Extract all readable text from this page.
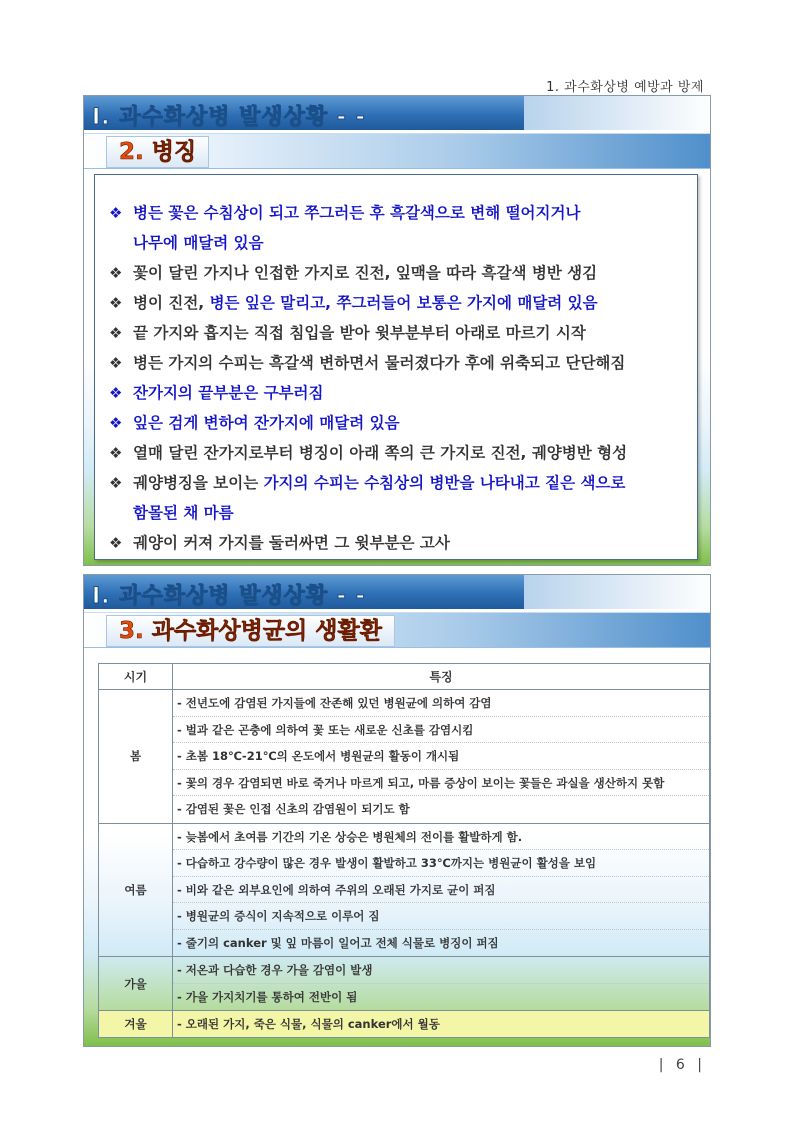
1. 과수화상병 예방과 방제
I. 과수화상병 발생상황 - -
2. 병징
❖ 병든 꽃은 수침상이 되고 쭈그러든 후 흑갈색으로 변해 떨어지거나
나무에 매달려 있음
❖ 꽃이 달린 가지나 인접한 가지로 진전, 잎맥을 따라 흑갈색 병반 생김
❖ 병이 진전, 병든 잎은 말리고, 쭈그러들어 보통은 가지에 매달려 있음
❖ 끝 가지와 흡지는 직접 침입을 받아 윗부분부터 아래로 마르기 시작
❖ 병든 가지의 수피는 흑갈색 변하면서 물러졌다가 후에 위축되고 단단해짐
❖ 잔가지의 끝부분은 구부러짐
❖ 잎은 검게 변하여 잔가지에 매달려 있음
❖ 열매 달린 잔가지로부터 병징이 아래 쪽의 큰 가지로 진전, 궤양병반 형성
❖ 궤양병징을 보이는 가지의 수피는 수침상의 병반을 나타내고 짙은 색으로
함몰된 채 마름
❖ 궤양이 커져 가지를 둘러싸면 그 윗부분은 고사
I. 과수화상병 발생상황 - -
3. 과수화상병균의 생활환
시기	특징
봄	- 전년도에 감염된 가지들에 잔존해 있던 병원균에 의하여 감염
- 벌과 같은 곤충에 의하여 꽃 또는 새로운 신초를 감염시킴
- 초봄 18℃-21℃의 온도에서 병원균의 활동이 개시됨
- 꽃의 경우 감염되면 바로 죽거나 마르게 되고, 마름 증상이 보이는 꽃들은 과실을 생산하지 못함
- 감염된 꽃은 인접 신초의 감염원이 되기도 함

여름	- 늦봄에서 초여름 기간의 기온 상승은 병원체의 전이를 활발하게 함.
- 다습하고 강수량이 많은 경우 발생이 활발하고 33℃까지는 병원균이 활성을 보임
- 비와 같은 외부요인에 의하여 주위의 오래된 가지로 균이 퍼짐
- 병원균의 증식이 지속적으로 이루어 짐
- 줄기의 canker 및 잎 마름이 일어고 전체 식물로 병징이 퍼짐

가을	- 저온과 다습한 경우 가을 감염이 발생
- 가을 가지치기를 통하여 전반이 됨

겨울	- 오래된 가지, 죽은 식물, 식물의 canker에서 월동
| 6 |
